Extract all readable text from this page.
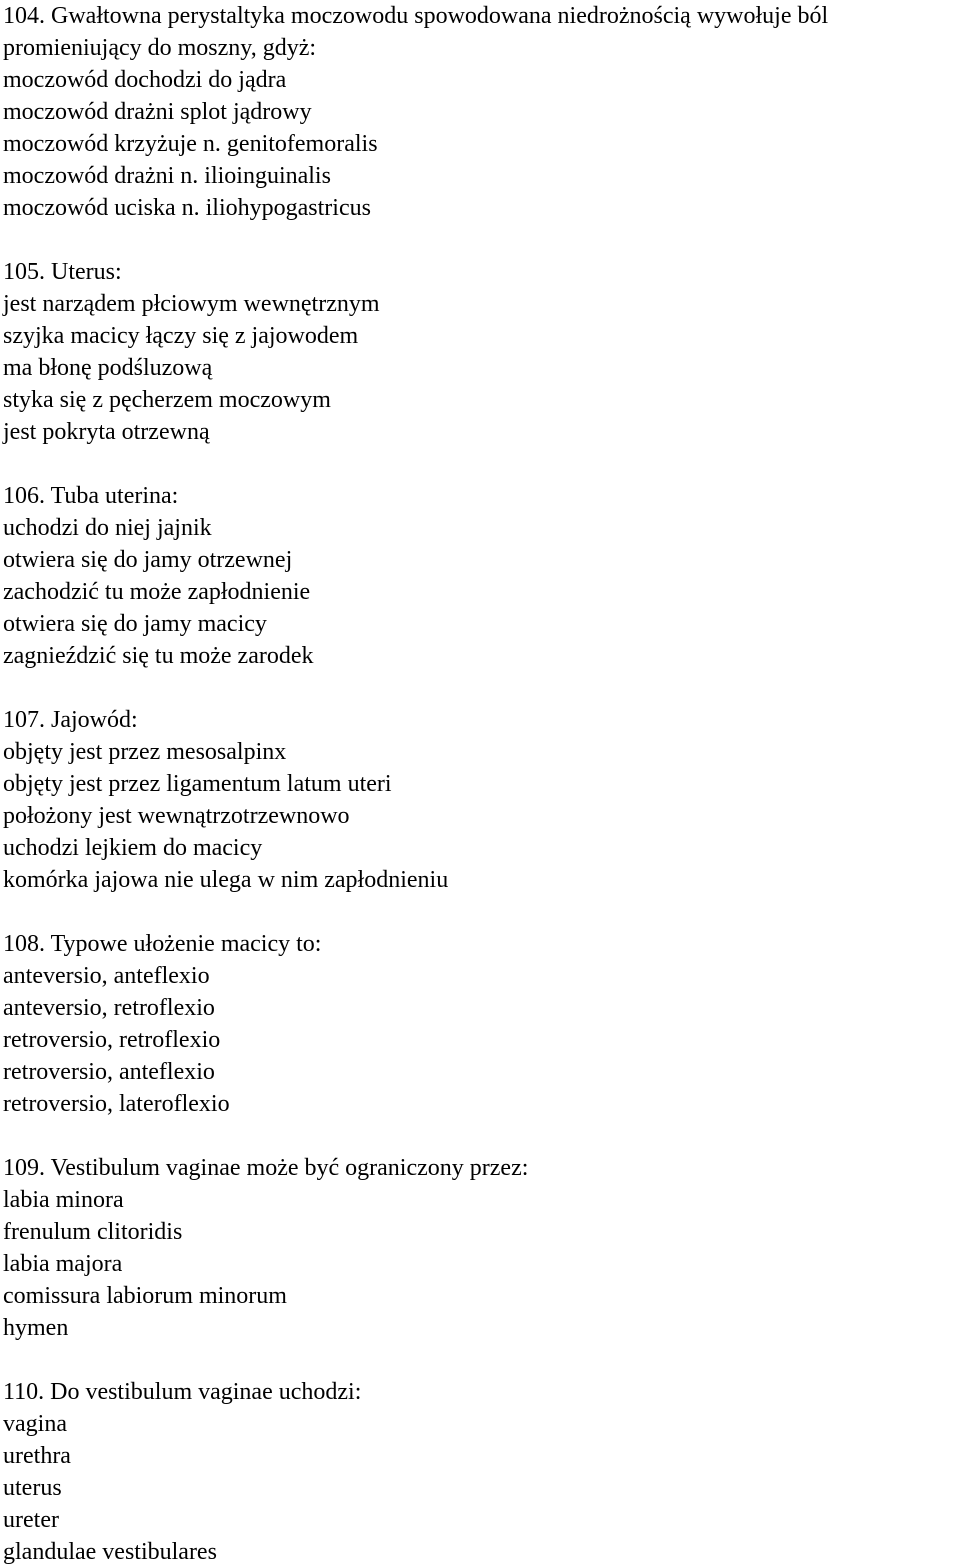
104. Gwałtowna perystaltyka moczowodu spowodowana niedrożnością wywołuje ból promieniujący do moszny, gdyż:
moczowód dochodzi do jądra
moczowód drażni splot jądrowy
moczowód krzyżuje n. genitofemoralis
moczowód drażni n. ilioinguinalis
moczowód uciska n. iliohypogastricus
105. Uterus:
jest narządem płciowym wewnętrznym
szyjka macicy łączy się z jajowodem
ma błonę podśluzową
styka się z pęcherzem moczowym
jest pokryta otrzewną
106. Tuba uterina:
uchodzi do niej jajnik
otwiera się do jamy otrzewnej
zachodzić tu może zapłodnienie
otwiera się do jamy macicy
zagnieździć się tu może zarodek
107. Jajowód:
objęty jest przez mesosalpinx
objęty jest przez ligamentum latum uteri
położony jest wewnątrzotrzewnowo
uchodzi lejkiem do macicy
komórka jajowa nie ulega w nim zapłodnieniu
108. Typowe ułożenie macicy to:
anteversio, anteflexio
anteversio, retroflexio
retroversio, retroflexio
retroversio, anteflexio
retroversio, lateroflexio
109. Vestibulum vaginae może być ograniczony przez:
labia minora
frenulum clitoridis
labia majora
comissura labiorum minorum
hymen
110. Do vestibulum vaginae uchodzi:
vagina
urethra
uterus
ureter
glandulae vestibulares
